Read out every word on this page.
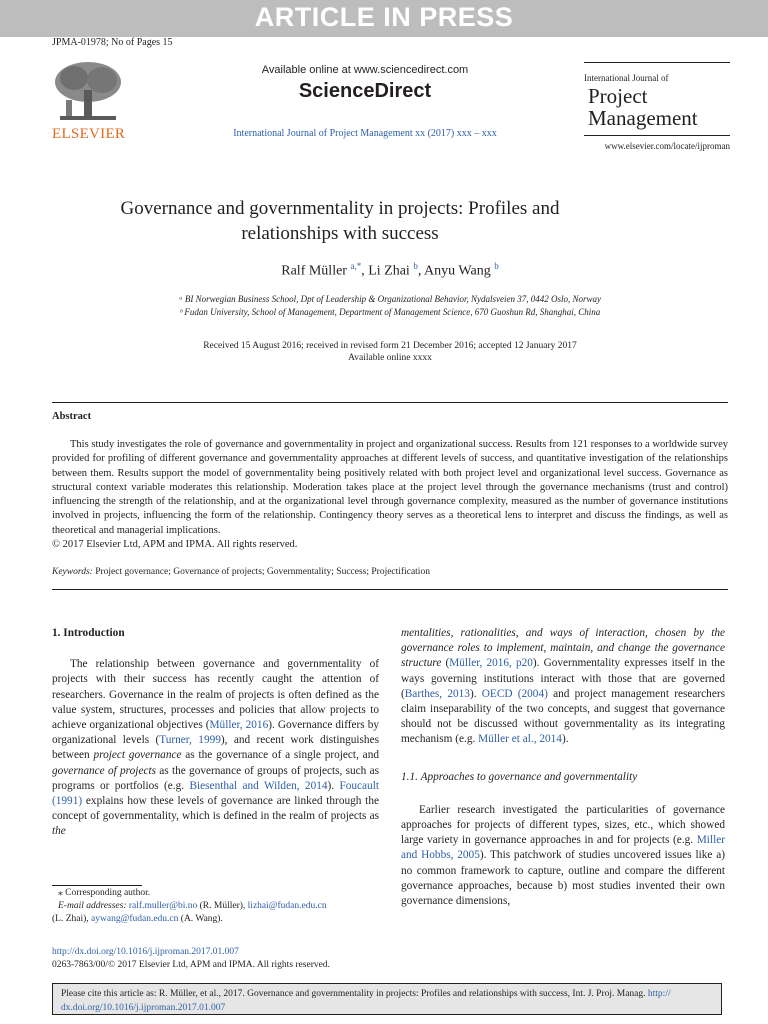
ARTICLE IN PRESS
JPMA-01978; No of Pages 15
ELSEVIER
Available online at www.sciencedirect.com
ScienceDirect
International Journal of Project Management xx (2017) xxx – xxx
International Journal of
Project
Management
www.elsevier.com/locate/ijproman
Governance and governmentality in projects: Profiles and
relationships with success
Ralf Müller $^{a,*}$, Li Zhai $^b$, Anyu Wang $^b$
ᵃ BI Norwegian Business School, Dpt of Leadership & Organizational Behavior, Nydalsveien 37, 0442 Oslo, Norway
ᵇ Fudan University, School of Management, Department of Management Science, 670 Guoshun Rd, Shanghai, China
Received 15 August 2016; received in revised form 21 December 2016; accepted 12 January 2017
Available online xxxx
Abstract

This study investigates the role of governance and governmentality in project and organizational success. Results from 121 responses to a worldwide survey provided for profiling of different governance and governmentality approaches at different levels of success, and quantitative investigation of the relationships between them. Results support the model of governmentality being positively related with both project level and organizational level success. Governance as structural context variable moderates this relationship. Moderation takes place at the project level through the governance mechanisms (trust and control) influencing the strength of the relationship, and at the organizational level through governance complexity, measured as the number of governance institutions involved in projects, influencing the form of the relationship. Contingency theory serves as a theoretical lens to interpret and discuss the findings, as well as theoretical and managerial implications.

© 2017 Elsevier Ltd, APM and IPMA. All rights reserved.

Keywords: Project governance; Governance of projects; Governmentality; Success; Projectification

1. Introduction

The relationship between governance and governmentality of projects with their success has recently caught the attention of researchers. Governance in the realm of projects is often defined as the value system, structures, processes and policies that allow projects to achieve organizational objectives (Müller, 2016). Governance differs by organizational levels (Turner, 1999), and recent work distinguishes between project governance as the governance of a single project, and governance of projects as the governance of groups of projects, such as programs or portfolios (e.g. Biesenthal and Wilden, 2014). Foucault (1991) explains how these levels of governance are linked through the concept of governmentality, which is defined in the realm of projects as the

mentalities, rationalities, and ways of interaction, chosen by the governance roles to implement, maintain, and change the governance structure (Müller, 2016, p20). Governmentality expresses itself in the ways governing institutions interact with those that are governed (Barthes, 2013). OECD (2004) and project management researchers claim inseparability of the two concepts, and suggest that governance should not be discussed without governmentality as its integrating mechanism (e.g. Müller et al., 2014).

1.1. Approaches to governance and governmentality

Earlier research investigated the particularities of governance approaches for projects of different types, sizes, etc., which showed large variety in governance approaches in and for projects (e.g. Miller and Hobbs, 2005). This patchwork of studies uncovered issues like a) no common framework to capture, outline and compare the different governance approaches, because b) most studies invented their own governance dimensions,

⁎ Corresponding author.
E-mail addresses: ralf.muller@bi.no (R. Müller), lizhai@fudan.edu.cn
(L. Zhai), aywang@fudan.edu.cn (A. Wang).
http://dx.doi.org/10.1016/j.ijproman.2017.01.007
0263-7863/00/© 2017 Elsevier Ltd, APM and IPMA. All rights reserved.
Please cite this article as: R. Müller, et al., 2017. Governance and governmentality in projects: Profiles and relationships with success, Int. J. Proj. Manag. http://
dx.doi.org/10.1016/j.ijproman.2017.01.007
